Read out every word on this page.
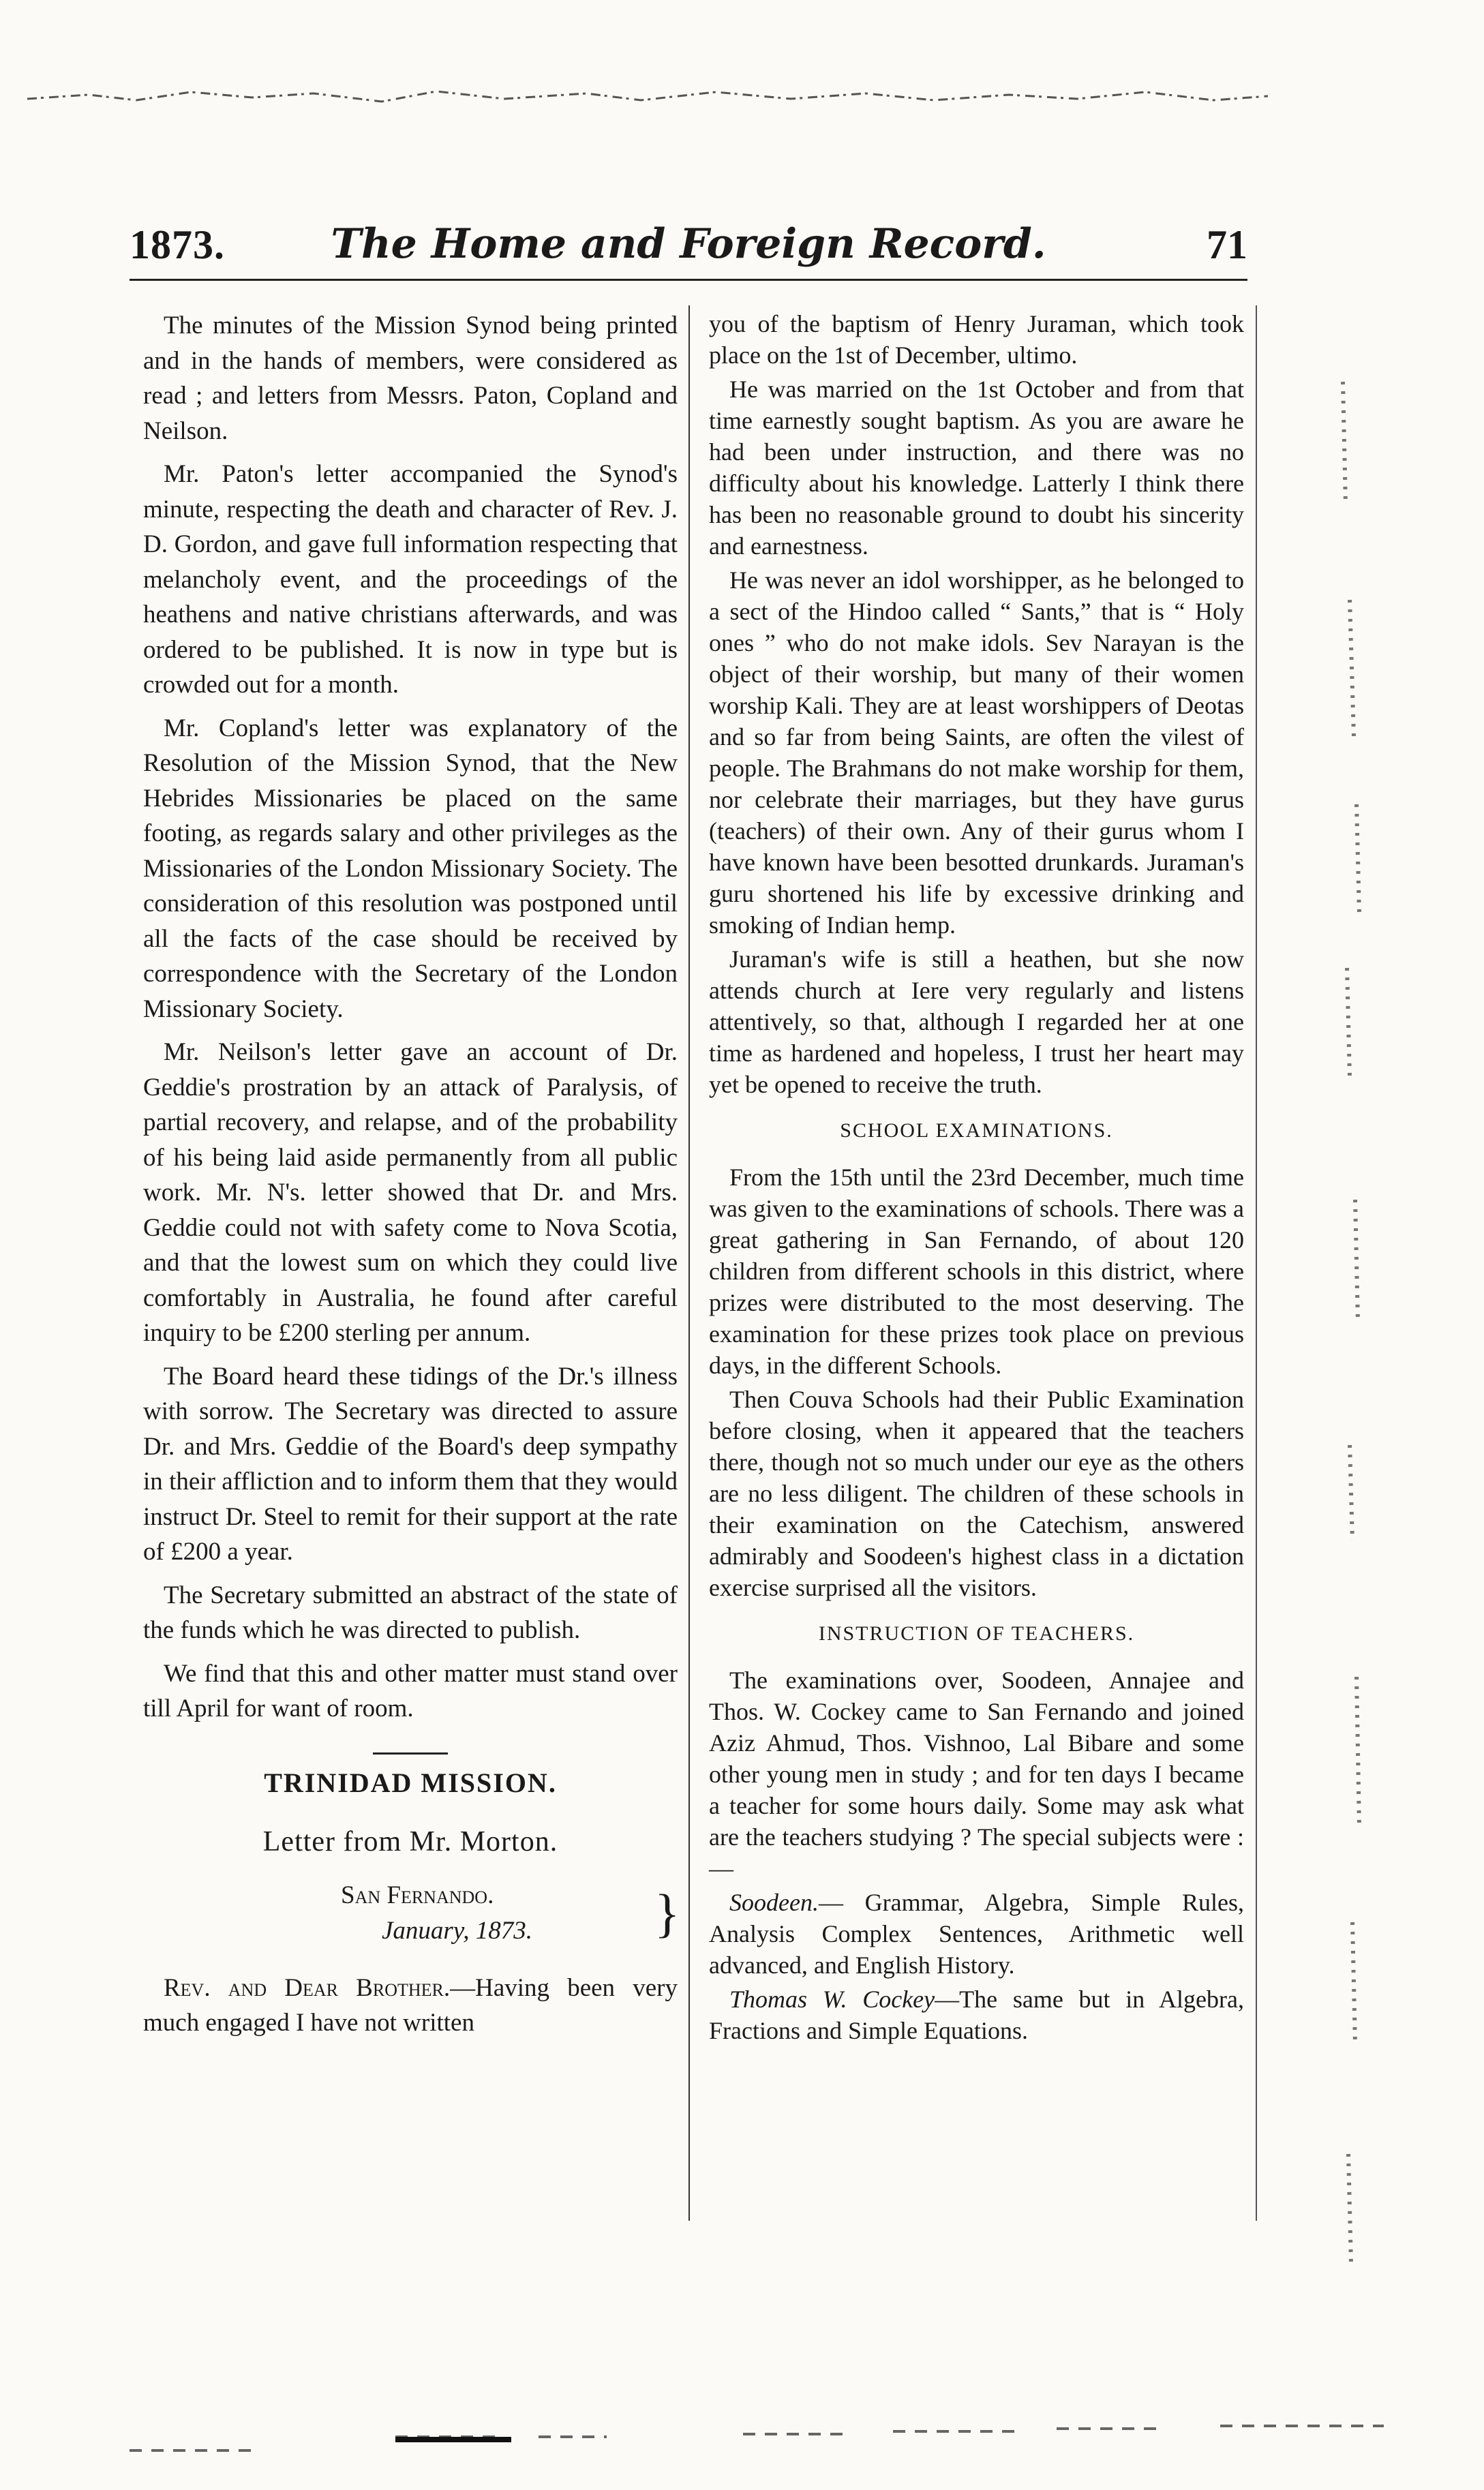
1873.	The Home and Foreign Record.	71

The minutes of the Mission Synod being printed and in the hands of members, were considered as read ; and letters from Messrs. Paton, Copland and Neilson.

Mr. Paton's letter accompanied the Synod's minute, respecting the death and character of Rev. J. D. Gordon, and gave full information respecting that melancholy event, and the proceedings of the heathens and native christians afterwards, and was ordered to be published. It is now in type but is crowded out for a month.

Mr. Copland's letter was explanatory of the Resolution of the Mission Synod, that the New Hebrides Missionaries be placed on the same footing, as regards salary and other privileges as the Missionaries of the London Missionary Society. The consideration of this resolution was postponed until all the facts of the case should be received by correspondence with the Secretary of the London Missionary Society.

Mr. Neilson's letter gave an account of Dr. Geddie's prostration by an attack of Paralysis, of partial recovery, and relapse, and of the probability of his being laid aside permanently from all public work. Mr. N's. letter showed that Dr. and Mrs. Geddie could not with safety come to Nova Scotia, and that the lowest sum on which they could live comfortably in Australia, he found after careful inquiry to be £200 sterling per annum.

The Board heard these tidings of the Dr.'s illness with sorrow. The Secretary was directed to assure Dr. and Mrs. Geddie of the Board's deep sympathy in their affliction and to inform them that they would instruct Dr. Steel to remit for their support at the rate of £200 a year.

The Secretary submitted an abstract of the state of the funds which he was directed to publish.

We find that this and other matter must stand over till April for want of room.

TRINIDAD MISSION.
Letter from Mr. Morton.
San Fernando.
January, 1873. }

Rev. and Dear Brother.—Having been very much engaged I have not written

you of the baptism of Henry Juraman, which took place on the 1st of December, ultimo.

He was married on the 1st October and from that time earnestly sought baptism. As you are aware he had been under instruction, and there was no difficulty about his knowledge. Latterly I think there has been no reasonable ground to doubt his sincerity and earnestness.

He was never an idol worshipper, as he belonged to a sect of the Hindoo called “ Sants,” that is “ Holy ones ” who do not make idols. Sev Narayan is the object of their worship, but many of their women worship Kali. They are at least worshippers of Deotas and so far from being Saints, are often the vilest of people. The Brahmans do not make worship for them, nor celebrate their marriages, but they have gurus (teachers) of their own. Any of their gurus whom I have known have been besotted drunkards. Juraman's guru shortened his life by excessive drinking and smoking of Indian hemp.

Juraman's wife is still a heathen, but she now attends church at Iere very regularly and listens attentively, so that, although I regarded her at one time as hardened and hopeless, I trust her heart may yet be opened to receive the truth.

SCHOOL EXAMINATIONS.

From the 15th until the 23rd December, much time was given to the examinations of schools. There was a great gathering in San Fernando, of about 120 children from different schools in this district, where prizes were distributed to the most deserving. The examination for these prizes took place on previous days, in the different Schools.

Then Couva Schools had their Public Examination before closing, when it appeared that the teachers there, though not so much under our eye as the others are no less diligent. The children of these schools in their examination on the Catechism, answered admirably and Soodeen's highest class in a dictation exercise surprised all the visitors.

INSTRUCTION OF TEACHERS.

The examinations over, Soodeen, Annajee and Thos. W. Cockey came to San Fernando and joined Aziz Ahmud, Thos. Vishnoo, Lal Bibare and some other young men in study ; and for ten days I became a teacher for some hours daily. Some may ask what are the teachers studying ? The special subjects were :—

Soodeen.— Grammar, Algebra, Simple Rules, Analysis Complex Sentences, Arithmetic well advanced, and English History.

Thomas W. Cockey—The same but in Algebra, Fractions and Simple Equations.
